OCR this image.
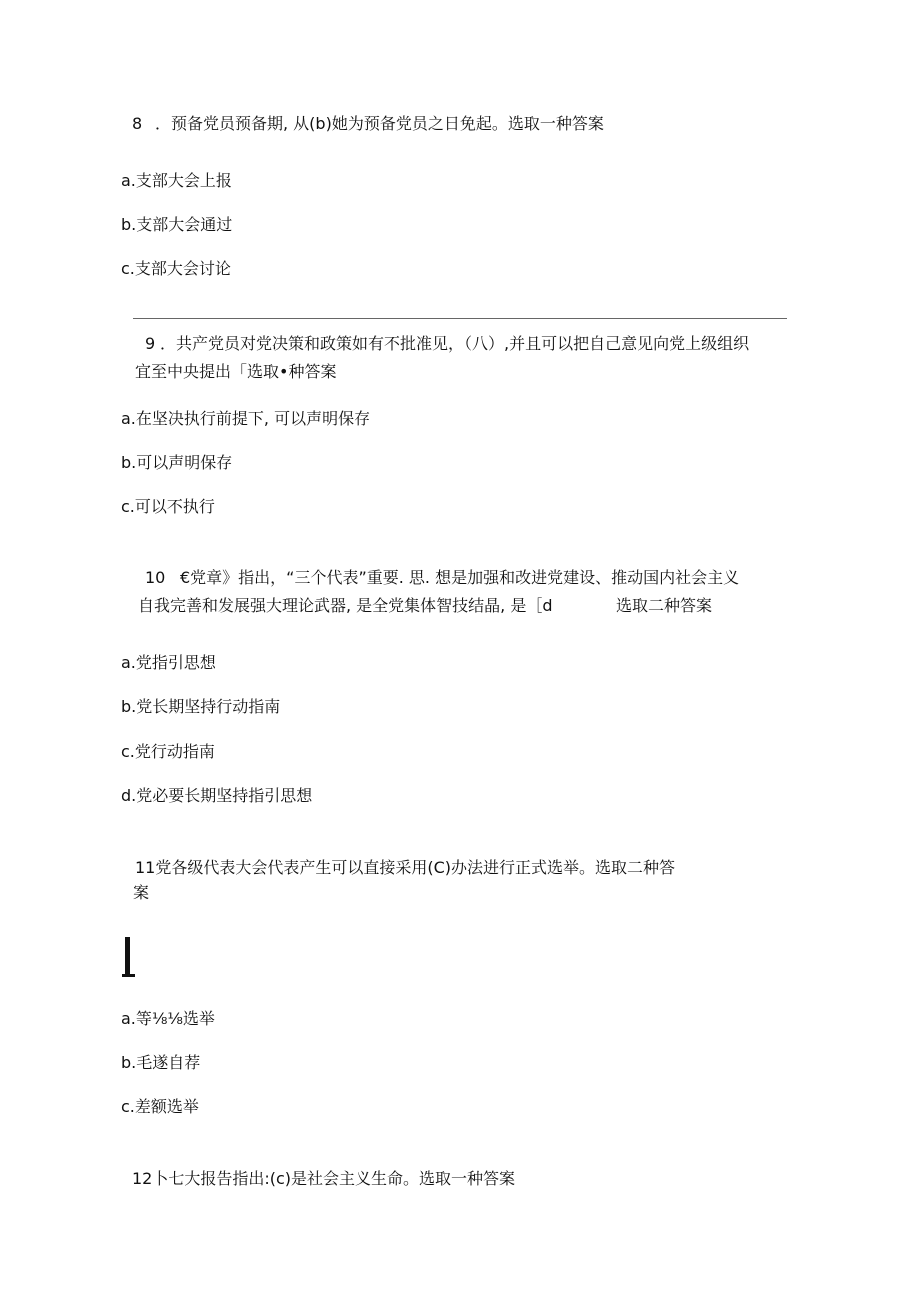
8 ．预备党员预备期, 从(b)她为预备党员之日免起。选取一种答案
a.支部大会上报
b.支部大会通过
c.支部大会讨论
9 ．共产党员对党决策和政策如有不批准见，（八）,并且可以把自己意见向党上级组织
宜至中央提出「选取•种答案
a.在坚决执行前提下, 可以声明保存
b.可以声明保存
c.可以不执行
10 €党章》指出，“三个代表”重要. 思. 想是加强和改进党建设、推动国内社会主义
自我完善和发展强大理论武器, 是全党集体智技结晶, 是［d	选取二种答案
a.党指引思想
b.党长期坚持行动指南
c.党行动指南
d.党必要长期坚持指引思想
11党各级代表大会代表产生可以直接采用(C)办法进行正式选举。选取二种答
案
a.等⅛⅛选举
b.毛遂自荐
c.差额选举
12卜七大报告指出:(c)是社会主义生命。选取一种答案
